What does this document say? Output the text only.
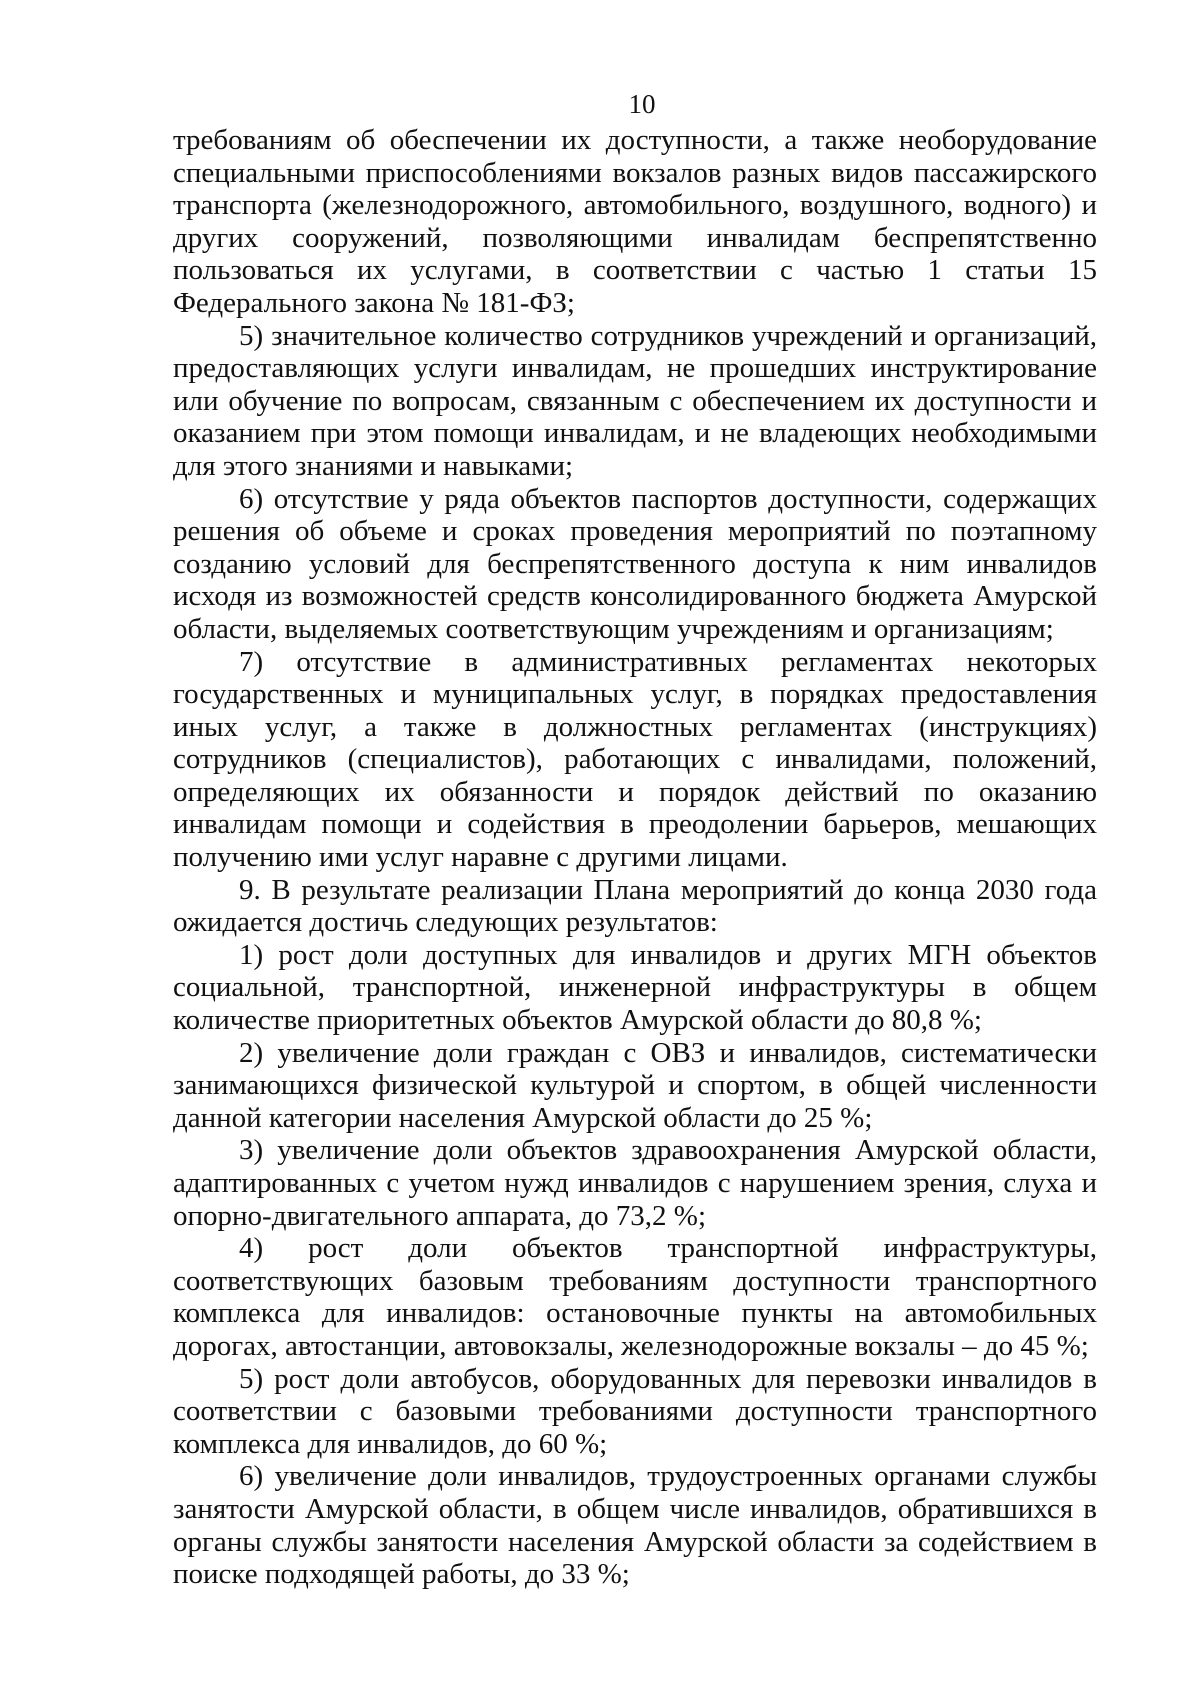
10

требованиям об обеспечении их доступности, а также необорудование специальными приспособлениями вокзалов разных видов пассажирского транспорта (железнодорожного, автомобильного, воздушного, водного) и других сооружений, позволяющими инвалидам беспрепятственно пользоваться их услугами, в соответствии с частью 1 статьи 15 Федерального закона № 181-ФЗ;

5) значительное количество сотрудников учреждений и организаций, предоставляющих услуги инвалидам, не прошедших инструктирование или обучение по вопросам, связанным с обеспечением их доступности и оказанием при этом помощи инвалидам, и не владеющих необходимыми для этого знаниями и навыками;

6) отсутствие у ряда объектов паспортов доступности, содержащих решения об объеме и сроках проведения мероприятий по поэтапному созданию условий для беспрепятственного доступа к ним инвалидов исходя из возможностей средств консолидированного бюджета Амурской области, выделяемых соответствующим учреждениям и организациям;

7) отсутствие в административных регламентах некоторых государственных и муниципальных услуг, в порядках предоставления иных услуг, а также в должностных регламентах (инструкциях) сотрудников (специалистов), работающих с инвалидами, положений, определяющих их обязанности и порядок действий по оказанию инвалидам помощи и содействия в преодолении барьеров, мешающих получению ими услуг наравне с другими лицами.

9. В результате реализации Плана мероприятий до конца 2030 года ожидается достичь следующих результатов:

1) рост доли доступных для инвалидов и других МГН объектов социальной, транспортной, инженерной инфраструктуры в общем количестве приоритетных объектов Амурской области до 80,8 %;

2) увеличение доли граждан с ОВЗ и инвалидов, систематически занимающихся физической культурой и спортом, в общей численности данной категории населения Амурской области до 25 %;

3) увеличение доли объектов здравоохранения Амурской области, адаптированных с учетом нужд инвалидов с нарушением зрения, слуха и опорно-двигательного аппарата, до 73,2 %;

4) рост доли объектов транспортной инфраструктуры, соответствующих базовым требованиям доступности транспортного комплекса для инвалидов: остановочные пункты на автомобильных дорогах, автостанции, автовокзалы, железнодорожные вокзалы – до 45 %;

5) рост доли автобусов, оборудованных для перевозки инвалидов в соответствии с базовыми требованиями доступности транспортного комплекса для инвалидов, до 60 %;

6) увеличение доли инвалидов, трудоустроенных органами службы занятости Амурской области, в общем числе инвалидов, обратившихся в органы службы занятости населения Амурской области за содействием в поиске подходящей работы, до 33 %;
